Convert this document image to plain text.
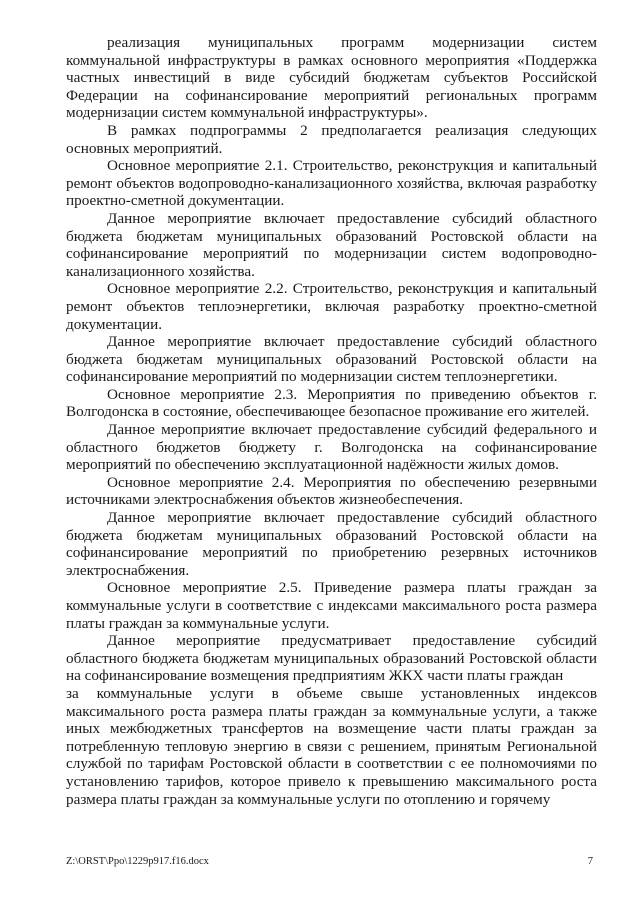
реализация муниципальных программ модернизации систем коммунальной инфраструктуры в рамках основного мероприятия «Поддержка частных инвестиций в виде субсидий бюджетам субъектов Российской Федерации на софинансирование мероприятий региональных программ модернизации систем коммунальной инфраструктуры».

В рамках подпрограммы 2 предполагается реализация следующих основных мероприятий.

Основное мероприятие 2.1. Строительство, реконструкция и капитальный ремонт объектов водопроводно-канализационного хозяйства, включая разработку проектно-сметной документации.

Данное мероприятие включает предоставление субсидий областного бюджета бюджетам муниципальных образований Ростовской области на софинансирование мероприятий по модернизации систем водопроводно-канализационного хозяйства.

Основное мероприятие 2.2. Строительство, реконструкция и капитальный ремонт объектов теплоэнергетики, включая разработку проектно-сметной документации.

Данное мероприятие включает предоставление субсидий областного бюджета бюджетам муниципальных образований Ростовской области на софинансирование мероприятий по модернизации систем теплоэнергетики.

Основное мероприятие 2.3. Мероприятия по приведению объектов г. Волгодонска в состояние, обеспечивающее безопасное проживание его жителей.

Данное мероприятие включает предоставление субсидий федерального и областного бюджетов бюджету г. Волгодонска на софинансирование мероприятий по обеспечению эксплуатационной надёжности жилых домов.

Основное мероприятие 2.4. Мероприятия по обеспечению резервными источниками электроснабжения объектов жизнеобеспечения.

Данное мероприятие включает предоставление субсидий областного бюджета бюджетам муниципальных образований Ростовской области на софинансирование мероприятий по приобретению резервных источников электроснабжения.

Основное мероприятие 2.5. Приведение размера платы граждан за коммунальные услуги в соответствие с индексами максимального роста размера платы граждан за коммунальные услуги.

Данное мероприятие предусматривает предоставление субсидий областного бюджета бюджетам муниципальных образований Ростовской области на софинансирование возмещения предприятиям ЖКХ части платы граждан

за коммунальные услуги в объеме свыше установленных индексов максимального роста размера платы граждан за коммунальные услуги, а также иных межбюджетных трансфертов на возмещение части платы граждан за потребленную тепловую энергию в связи с решением, принятым Региональной службой по тарифам Ростовской области в соответствии с ее полномочиями по установлению тарифов, которое привело к превышению максимального роста размера платы граждан за коммунальные услуги по отоплению и горячему

Z:\ORST\Ppo\1229p917.f16.docx	7
